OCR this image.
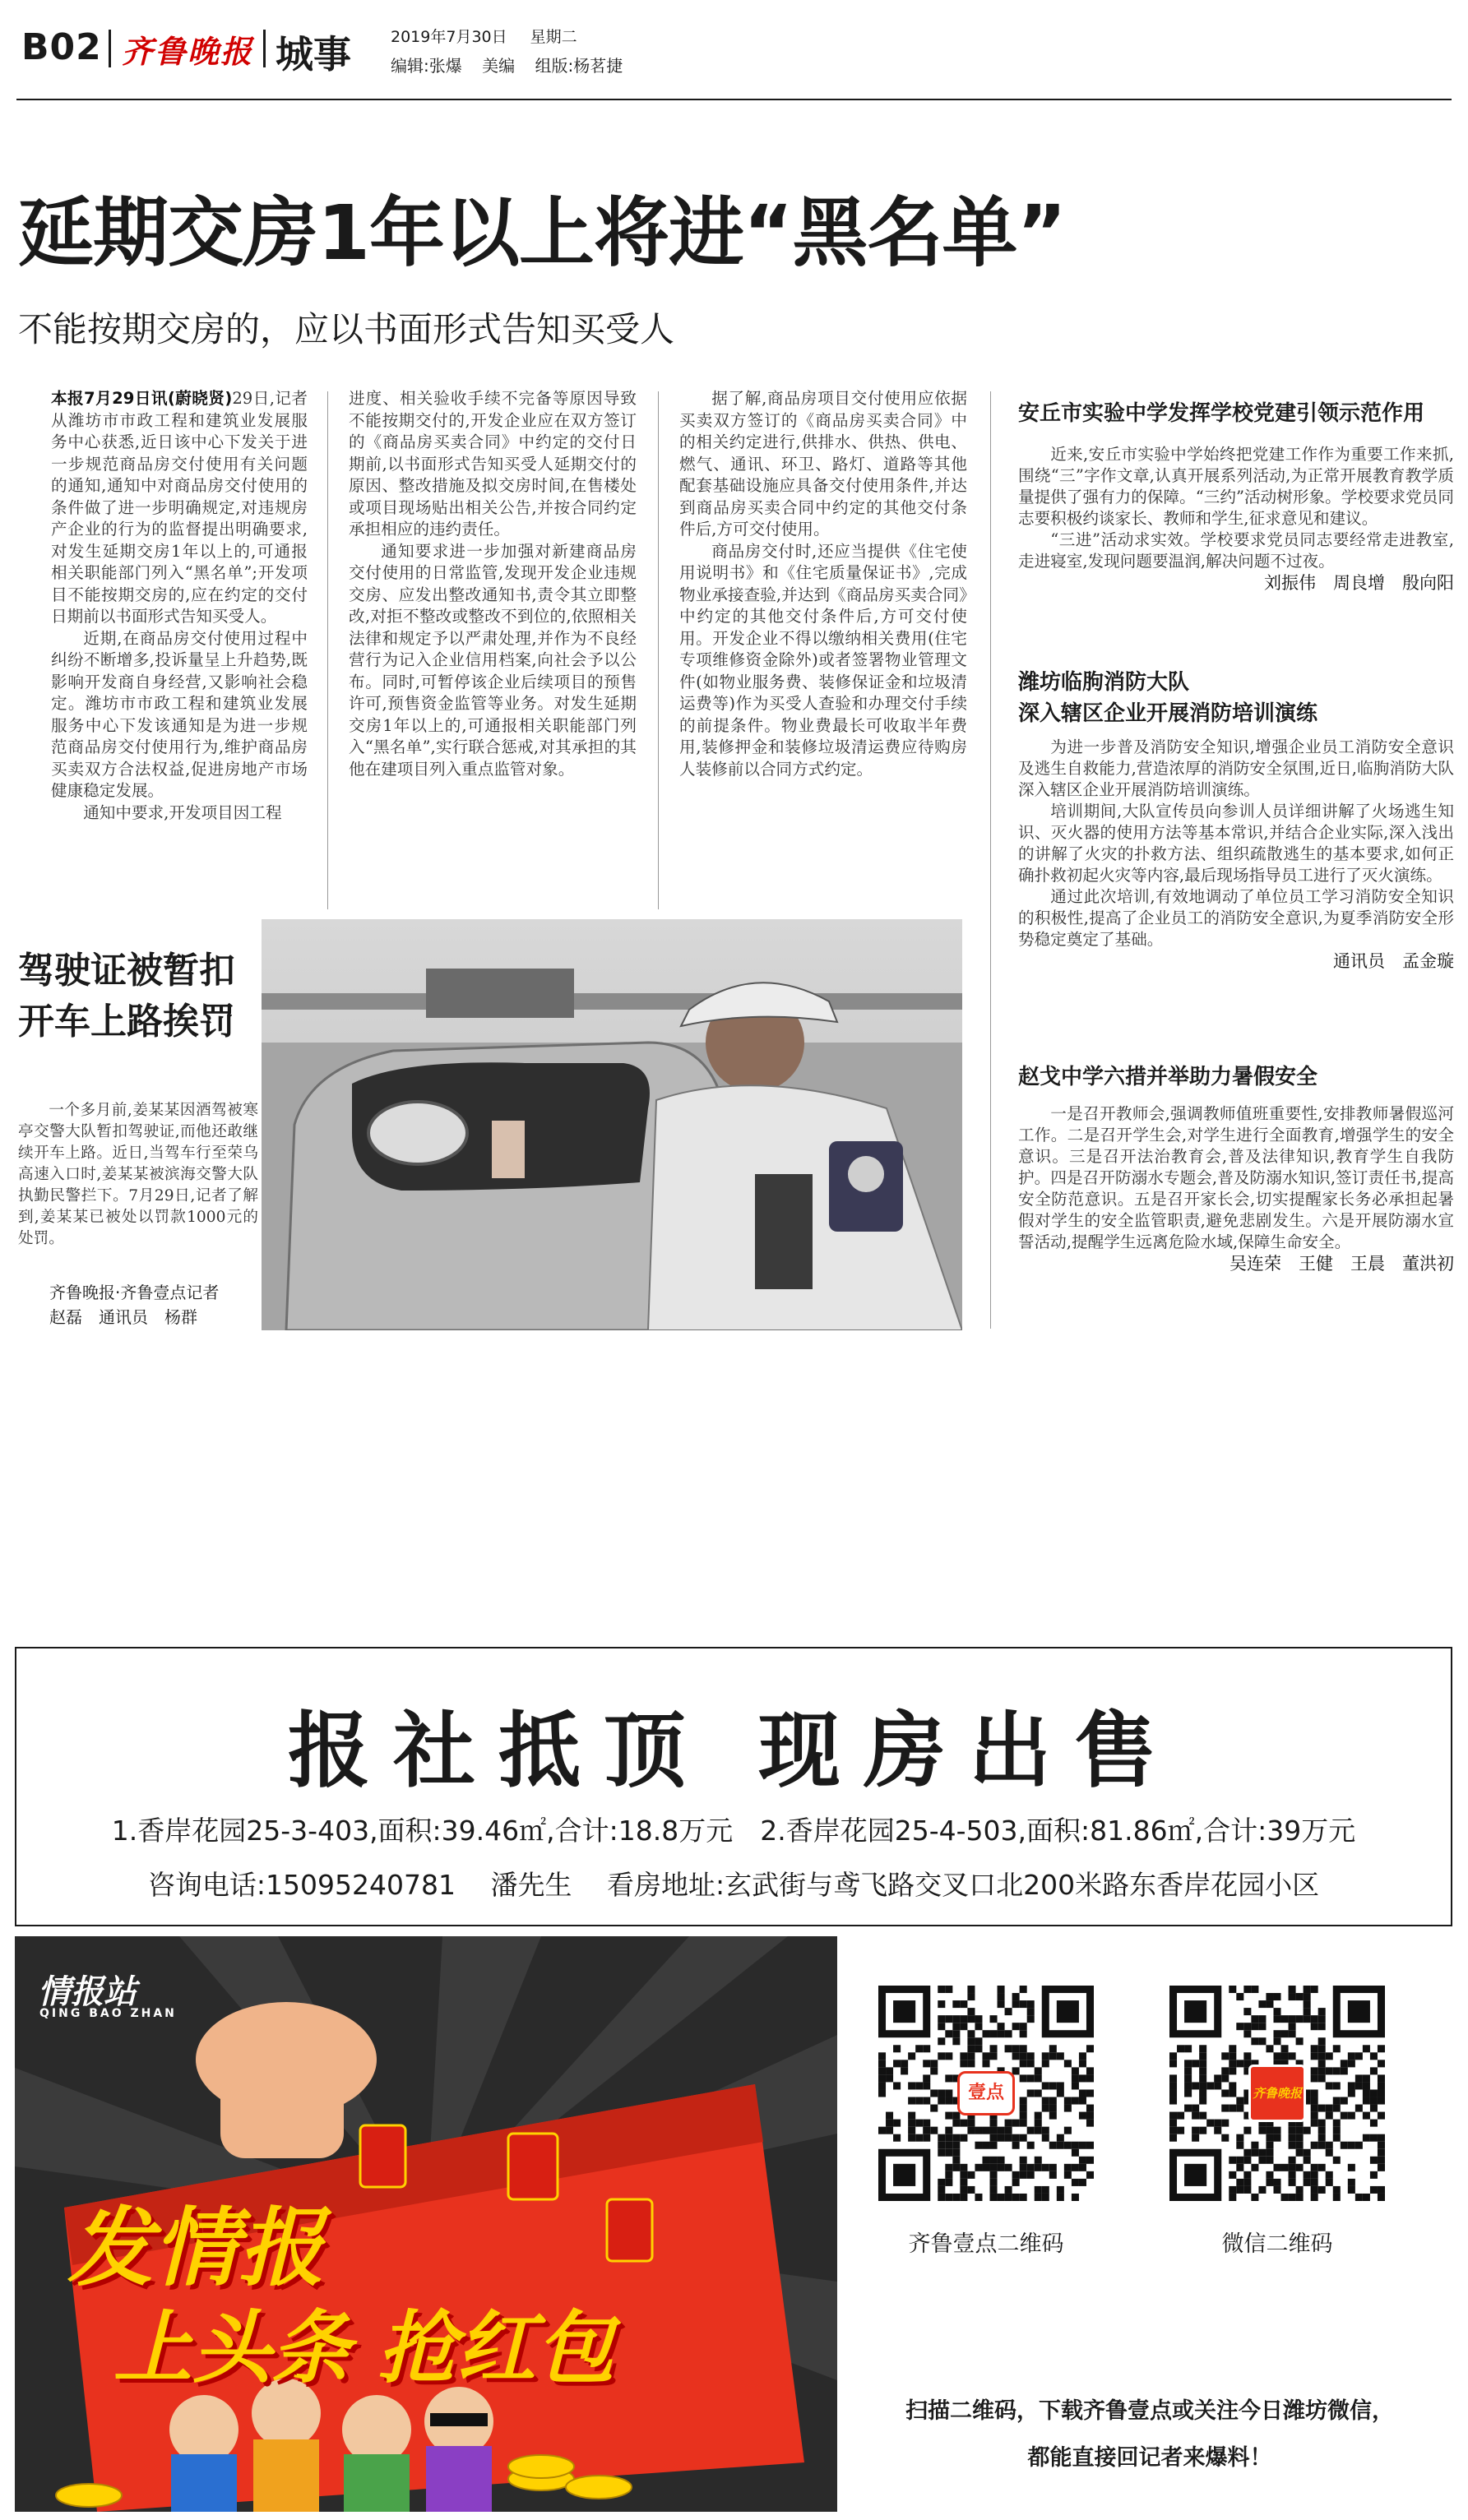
B02 齐鲁晚报 城事	2019年7月30日 星期二
编辑:张爆 美编 组版:杨茗捷
延期交房1年以上将进“黑名单”
不能按期交房的，应以书面形式告知买受人

本报7月29日讯(蔚晓贤)29日,记者从潍坊市市政工程和建筑业发展服务中心获悉,近日该中心下发关于进一步规范商品房交付使用有关问题的通知,通知中对商品房交付使用的条件做了进一步明确规定,对违规房产企业的行为的监督提出明确要求,对发生延期交房1年以上的,可通报相关职能部门列入“黑名单”;开发项目不能按期交房的,应在约定的交付日期前以书面形式告知买受人。

近期,在商品房交付使用过程中纠纷不断增多,投诉量呈上升趋势,既影响开发商自身经营,又影响社会稳定。潍坊市市政工程和建筑业发展服务中心下发该通知是为进一步规范商品房交付使用行为,维护商品房买卖双方合法权益,促进房地产市场健康稳定发展。

通知中要求,开发项目因工程

进度、相关验收手续不完备等原因导致不能按期交付的,开发企业应在双方签订的《商品房买卖合同》中约定的交付日期前,以书面形式告知买受人延期交付的原因、整改措施及拟交房时间,在售楼处或项目现场贴出相关公告,并按合同约定承担相应的违约责任。

通知要求进一步加强对新建商品房交付使用的日常监管,发现开发企业违规交房、应发出整改通知书,责令其立即整改,对拒不整改或整改不到位的,依照相关法律和规定予以严肃处理,并作为不良经营行为记入企业信用档案,向社会予以公布。同时,可暂停该企业后续项目的预售许可,预售资金监管等业务。对发生延期交房1年以上的,可通报相关职能部门列入“黑名单”,实行联合惩戒,对其承担的其他在建项目列入重点监管对象。

据了解,商品房项目交付使用应依据买卖双方签订的《商品房买卖合同》中的相关约定进行,供排水、供热、供电、燃气、通讯、环卫、路灯、道路等其他配套基础设施应具备交付使用条件,并达到商品房买卖合同中约定的其他交付条件后,方可交付使用。

商品房交付时,还应当提供《住宅使用说明书》和《住宅质量保证书》,完成物业承接查验,并达到《商品房买卖合同》中约定的其他交付条件后,方可交付使用。开发企业不得以缴纳相关费用(住宅专项维修资金除外)或者签署物业管理文件(如物业服务费、装修保证金和垃圾清运费等)作为买受人查验和办理交付手续的前提条件。物业费最长可收取半年费用,装修押金和装修垃圾清运费应待购房人装修前以合同方式约定。

安丘市实验中学发挥学校党建引领示范作用

近来,安丘市实验中学始终把党建工作作为重要工作来抓,围绕“三”字作文章,认真开展系列活动,为正常开展教育教学质量提供了强有力的保障。“三约”活动树形象。学校要求党员同志要积极约谈家长、教师和学生,征求意见和建议。

“三进”活动求实效。学校要求党员同志要经常走进教室,走进寝室,发现问题要温润,解决问题不过夜。

刘振伟　周良增　殷向阳
潍坊临朐消防大队
深入辖区企业开展消防培训演练

为进一步普及消防安全知识,增强企业员工消防安全意识及逃生自救能力,营造浓厚的消防安全氛围,近日,临朐消防大队深入辖区企业开展消防培训演练。

培训期间,大队宣传员向参训人员详细讲解了火场逃生知识、灭火器的使用方法等基本常识,并结合企业实际,深入浅出的讲解了火灾的扑救方法、组织疏散逃生的基本要求,如何正确扑救初起火灾等内容,最后现场指导员工进行了灭火演练。

通过此次培训,有效地调动了单位员工学习消防安全知识的积极性,提高了企业员工的消防安全意识,为夏季消防安全形势稳定奠定了基础。

通讯员　孟金璇
赵戈中学六措并举助力暑假安全

一是召开教师会,强调教师值班重要性,安排教师暑假巡河工作。二是召开学生会,对学生进行全面教育,增强学生的安全意识。三是召开法治教育会,普及法律知识,教育学生自我防护。四是召开防溺水专题会,普及防溺水知识,签订责任书,提高安全防范意识。五是召开家长会,切实提醒家长务必承担起暑假对学生的安全监管职责,避免悲剧发生。六是开展防溺水宣誓活动,提醒学生远离危险水域,保障生命安全。

吴连荣　王健　王晨　董洪初
驾驶证被暂扣
开车上路挨罚

一个多月前,姜某某因酒驾被寒亭交警大队暂扣驾驶证,而他还敢继续开车上路。近日,当驾车行至荣乌高速入口时,姜某某被滨海交警大队执勤民警拦下。7月29日,记者了解到,姜某某已被处以罚款1000元的处罚。

齐鲁晚报·齐鲁壹点记者
赵磊　通讯员　杨群
报社抵顶 现房出售
1.香岸花园25-3-403,面积:39.46㎡,合计:18.8万元　2.香岸花园25-4-503,面积:81.86㎡,合计:39万元
咨询电话:15095240781 潘先生 看房地址:玄武街与鸢飞路交叉口北200米路东香岸花园小区
情报站
QING BAO ZHAN
发情报
上头条 抢红包
壹点
齐鲁壹点二维码
齐鲁晚报
微信二维码
扫描二维码，下载齐鲁壹点或关注今日潍坊微信，
都能直接回记者来爆料！
